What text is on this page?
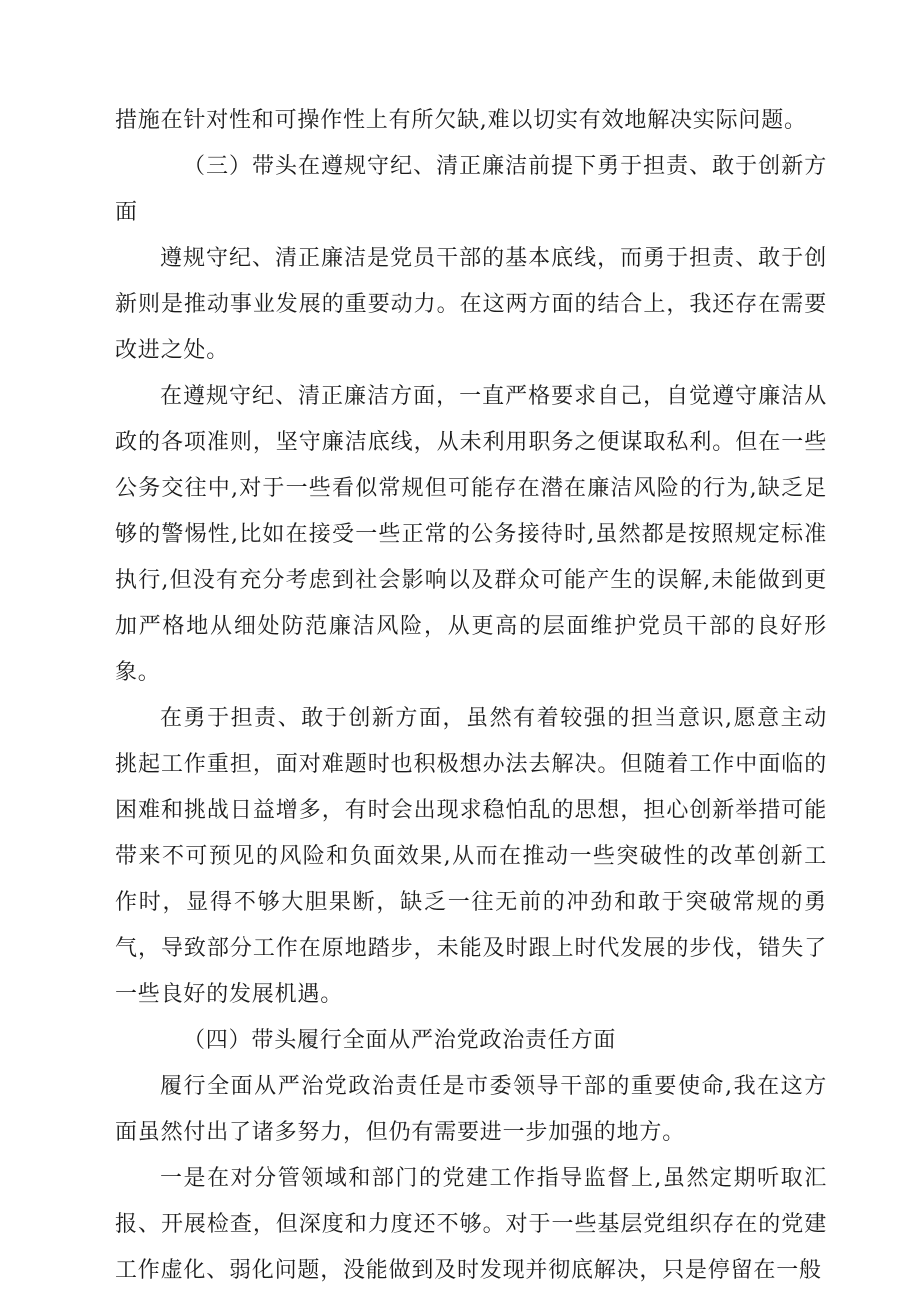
措施在针对性和可操作性上有所欠缺,难以切实有效地解决实际问题。

（三）带头在遵规守纪、清正廉洁前提下勇于担责、敢于创新方面

遵规守纪、清正廉洁是党员干部的基本底线，而勇于担责、敢于创新则是推动事业发展的重要动力。在这两方面的结合上，我还存在需要改进之处。

在遵规守纪、清正廉洁方面，一直严格要求自己，自觉遵守廉洁从政的各项准则，坚守廉洁底线，从未利用职务之便谋取私利。但在一些公务交往中,对于一些看似常规但可能存在潜在廉洁风险的行为,缺乏足够的警惕性,比如在接受一些正常的公务接待时,虽然都是按照规定标准执行,但没有充分考虑到社会影响以及群众可能产生的误解,未能做到更加严格地从细处防范廉洁风险，从更高的层面维护党员干部的良好形象。

在勇于担责、敢于创新方面，虽然有着较强的担当意识,愿意主动挑起工作重担，面对难题时也积极想办法去解决。但随着工作中面临的困难和挑战日益增多，有时会出现求稳怕乱的思想，担心创新举措可能带来不可预见的风险和负面效果,从而在推动一些突破性的改革创新工作时，显得不够大胆果断，缺乏一往无前的冲劲和敢于突破常规的勇气，导致部分工作在原地踏步，未能及时跟上时代发展的步伐，错失了一些良好的发展机遇。

（四）带头履行全面从严治党政治责任方面

履行全面从严治党政治责任是市委领导干部的重要使命,我在这方面虽然付出了诸多努力，但仍有需要进一步加强的地方。

一是在对分管领域和部门的党建工作指导监督上,虽然定期听取汇报、开展检查，但深度和力度还不够。对于一些基层党组织存在的党建工作虚化、弱化问题，没能做到及时发现并彻底解决，只是停留在一般
